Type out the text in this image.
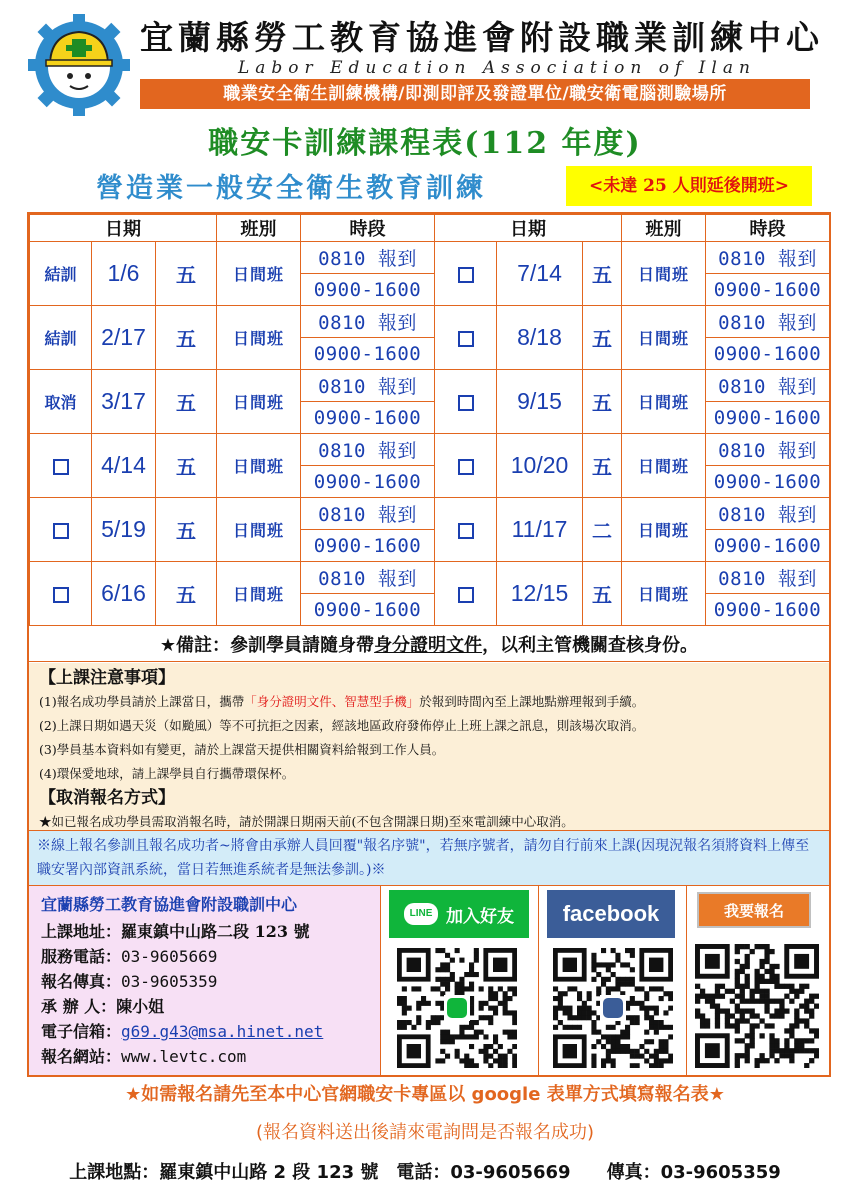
宜蘭縣勞工教育協進會附設職業訓練中心
Labor Education Association of Ilan
職業安全衛生訓練機構/即測即評及發證單位/職安衛電腦測驗場所
職安卡訓練課程表(112 年度)
營造業一般安全衛生教育訓練	<未達 25 人則延後開班>
日期			班別	時段	日期			班別	時段
結訓	1/6	五	日間班	0810 報到		7/14	五	日間班	0810 報到
				0900-1600					0900-1600
結訓	2/17	五	日間班	0810 報到		8/18	五	日間班	0810 報到
				0900-1600					0900-1600
取消	3/17	五	日間班	0810 報到		9/15	五	日間班	0810 報到
				0900-1600					0900-1600
	4/14	五	日間班	0810 報到		10/20	五	日間班	0810 報到
				0900-1600					0900-1600
	5/19	五	日間班	0810 報到		11/17	二	日間班	0810 報到
				0900-1600					0900-1600
	6/16	五	日間班	0810 報到		12/15	五	日間班	0810 報到
				0900-1600					0900-1600
★備註：參訓學員請隨身帶身分證明文件，以利主管機關查核身份。
【上課注意事項】

(1)報名成功學員請於上課當日，攜帶「身分證明文件、智慧型手機」於報到時間內至上課地點辦理報到手續。

(2)上課日期如遇天災（如颱風）等不可抗拒之因素，經該地區政府發佈停止上班上課之訊息，則該場次取消。

(3)學員基本資料如有變更，請於上課當天提供相關資料給報到工作人員。

(4)環保愛地球，請上課學員自行攜帶環保杯。

【取消報名方式】

★如已報名成功學員需取消報名時，請於開課日期兩天前(不包含開課日期)至來電訓練中心取消。

※線上報名參訓且報名成功者~將會由承辦人員回覆"報名序號"，若無序號者，請勿自行前來上課(因現況報名須將資料上傳至職安署內部資訊系統，當日若無進系統者是無法參訓。)※

宜蘭縣勞工教育協進會附設職訓中心

上課地址：羅東鎮中山路二段 123 號

服務電話：03-9605669

報名傳真：03-9605359

承 辦 人：陳小姐

電子信箱：g69.g43@msa.hinet.net

報名網站：www.levtc.com

LINE 加入好友	facebook	我要報名
★如需報名請先至本中心官網職安卡專區以 google 表單方式填寫報名表★
(報名資料送出後請來電詢問是否報名成功)
上課地點：羅東鎮中山路 2 段 123 號　電話：03-9605669　　傳真：03-9605359
